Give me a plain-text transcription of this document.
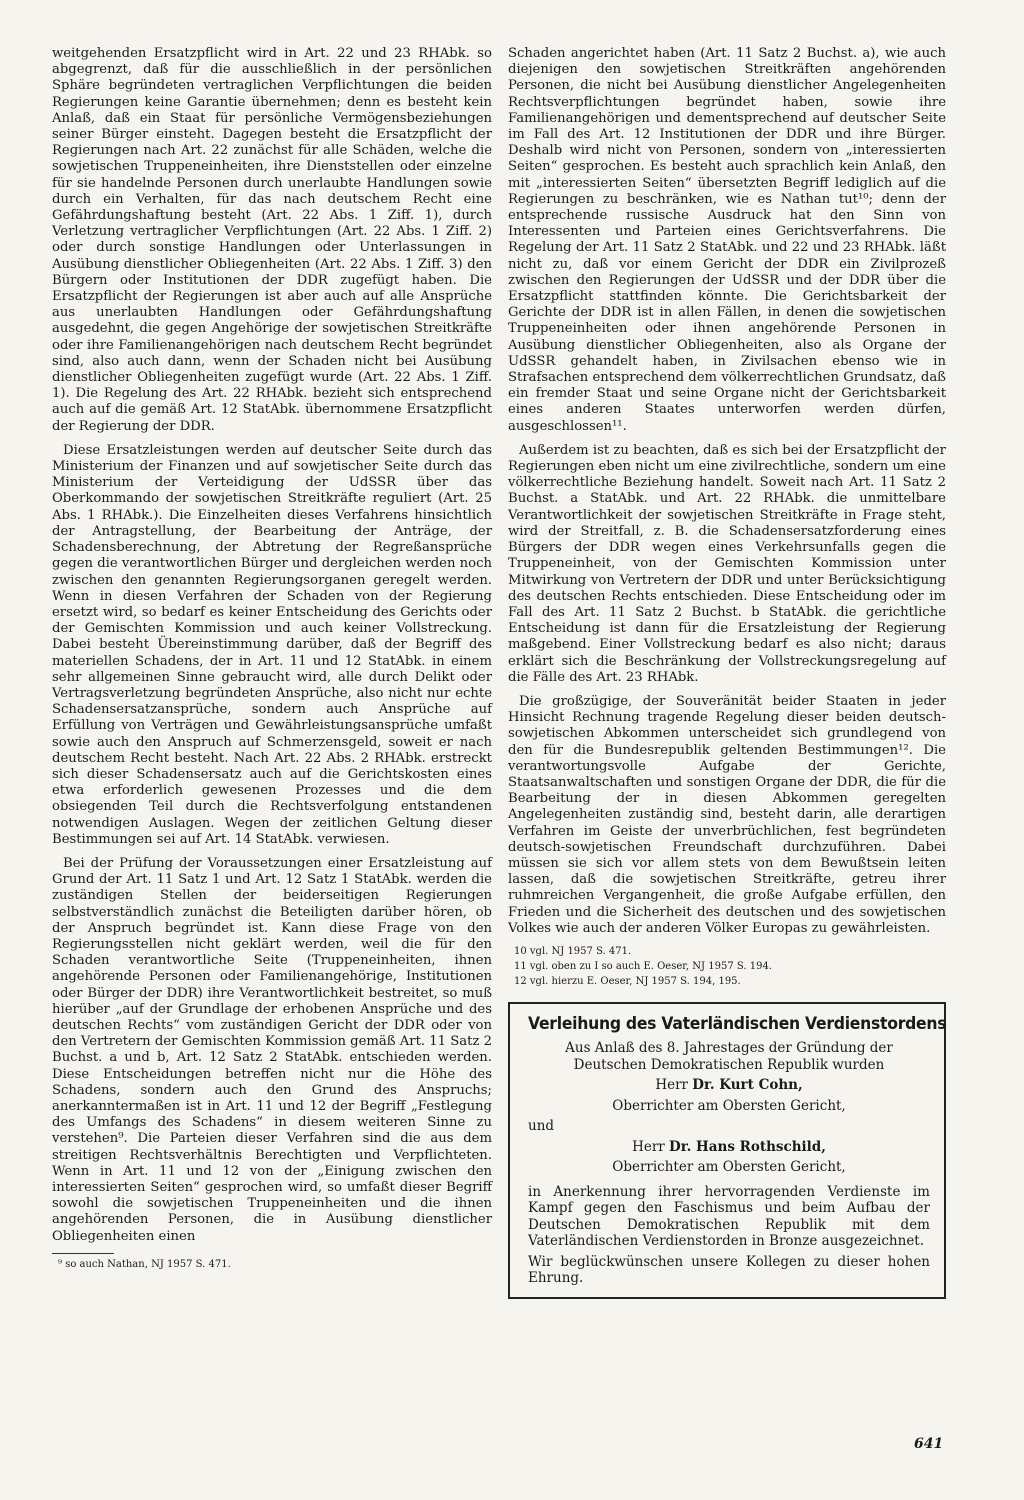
weitgehenden Ersatzpflicht wird in Art. 22 und 23 RHAbk. so abgegrenzt, daß für die ausschließlich in der persönlichen Sphäre begründeten vertraglichen Verpflichtungen die beiden Regierungen keine Garantie übernehmen; denn es besteht kein Anlaß, daß ein Staat für persönliche Vermögensbeziehungen seiner Bürger einsteht. Dagegen besteht die Ersatzpflicht der Regierungen nach Art. 22 zunächst für alle Schäden, welche die sowjetischen Truppeneinheiten, ihre Dienststellen oder einzelne für sie handelnde Personen durch unerlaubte Handlungen sowie durch ein Verhalten, für das nach deutschem Recht eine Gefährdungshaftung besteht (Art. 22 Abs. 1 Ziff. 1), durch Verletzung vertraglicher Verpflichtungen (Art. 22 Abs. 1 Ziff. 2) oder durch sonstige Handlungen oder Unterlassungen in Ausübung dienstlicher Obliegenheiten (Art. 22 Abs. 1 Ziff. 3) den Bürgern oder Institutionen der DDR zugefügt haben. Die Ersatzpflicht der Regierungen ist aber auch auf alle Ansprüche aus unerlaubten Handlungen oder Gefährdungshaftung ausgedehnt, die gegen Angehörige der sowjetischen Streitkräfte oder ihre Familienangehörigen nach deutschem Recht begründet sind, also auch dann, wenn der Schaden nicht bei Ausübung dienstlicher Obliegenheiten zugefügt wurde (Art. 22 Abs. 1 Ziff. 1). Die Regelung des Art. 22 RHAbk. bezieht sich entsprechend auch auf die gemäß Art. 12 StatAbk. übernommene Ersatzpflicht der Regierung der DDR.

Diese Ersatzleistungen werden auf deutscher Seite durch das Ministerium der Finanzen und auf sowjetischer Seite durch das Ministerium der Verteidigung der UdSSR über das Oberkommando der sowjetischen Streitkräfte reguliert (Art. 25 Abs. 1 RHAbk.). Die Einzelheiten dieses Verfahrens hinsichtlich der Antragstellung, der Bearbeitung der Anträge, der Schadensberechnung, der Abtretung der Regreßansprüche gegen die verantwortlichen Bürger und dergleichen werden noch zwischen den genannten Regierungsorganen geregelt werden. Wenn in diesen Verfahren der Schaden von der Regierung ersetzt wird, so bedarf es keiner Entscheidung des Gerichts oder der Gemischten Kommission und auch keiner Vollstreckung. Dabei besteht Übereinstimmung darüber, daß der Begriff des materiellen Schadens, der in Art. 11 und 12 StatAbk. in einem sehr allgemeinen Sinne gebraucht wird, alle durch Delikt oder Vertragsverletzung begründeten Ansprüche, also nicht nur echte Schadensersatzansprüche, sondern auch Ansprüche auf Erfüllung von Verträgen und Gewährleistungsansprüche umfaßt sowie auch den Anspruch auf Schmerzensgeld, soweit er nach deutschem Recht besteht. Nach Art. 22 Abs. 2 RHAbk. erstreckt sich dieser Schadensersatz auch auf die Gerichtskosten eines etwa erforderlich gewesenen Prozesses und die dem obsiegenden Teil durch die Rechtsverfolgung entstandenen notwendigen Auslagen. Wegen der zeitlichen Geltung dieser Bestimmungen sei auf Art. 14 StatAbk. verwiesen.

Bei der Prüfung der Voraussetzungen einer Ersatzleistung auf Grund der Art. 11 Satz 1 und Art. 12 Satz 1 StatAbk. werden die zuständigen Stellen der beiderseitigen Regierungen selbstverständlich zunächst die Beteiligten darüber hören, ob der Anspruch begründet ist. Kann diese Frage von den Regierungsstellen nicht geklärt werden, weil die für den Schaden verantwortliche Seite (Truppeneinheiten, ihnen angehörende Personen oder Familienangehörige, Institutionen oder Bürger der DDR) ihre Verantwortlichkeit bestreitet, so muß hierüber „auf der Grundlage der erhobenen Ansprüche und des deutschen Rechts“ vom zuständigen Gericht der DDR oder von den Vertretern der Gemischten Kommission gemäß Art. 11 Satz 2 Buchst. a und b, Art. 12 Satz 2 StatAbk. entschieden werden. Diese Entscheidungen betreffen nicht nur die Höhe des Schadens, sondern auch den Grund des Anspruchs; anerkanntermaßen ist in Art. 11 und 12 der Begriff „Festlegung des Umfangs des Schadens“ in diesem weiteren Sinne zu verstehen⁹. Die Parteien dieser Verfahren sind die aus dem streitigen Rechtsverhältnis Berechtigten und Verpflichteten. Wenn in Art. 11 und 12 von der „Einigung zwischen den interessierten Seiten“ gesprochen wird, so umfaßt dieser Begriff sowohl die sowjetischen Truppeneinheiten und die ihnen angehörenden Personen, die in Ausübung dienstlicher Obliegenheiten einen

⁹ so auch Nathan, NJ 1957 S. 471.

Schaden angerichtet haben (Art. 11 Satz 2 Buchst. a), wie auch diejenigen den sowjetischen Streitkräften angehörenden Personen, die nicht bei Ausübung dienstlicher Angelegenheiten Rechtsverpflichtungen begründet haben, sowie ihre Familienangehörigen und dementsprechend auf deutscher Seite im Fall des Art. 12 Institutionen der DDR und ihre Bürger. Deshalb wird nicht von Personen, sondern von „interessierten Seiten“ gesprochen. Es besteht auch sprachlich kein Anlaß, den mit „interessierten Seiten“ übersetzten Begriff lediglich auf die Regierungen zu beschränken, wie es Nathan tut¹⁰; denn der entsprechende russische Ausdruck hat den Sinn von Interessenten und Parteien eines Gerichtsverfahrens. Die Regelung der Art. 11 Satz 2 StatAbk. und 22 und 23 RHAbk. läßt nicht zu, daß vor einem Gericht der DDR ein Zivilprozeß zwischen den Regierungen der UdSSR und der DDR über die Ersatzpflicht stattfinden könnte. Die Gerichtsbarkeit der Gerichte der DDR ist in allen Fällen, in denen die sowjetischen Truppeneinheiten oder ihnen angehörende Personen in Ausübung dienstlicher Obliegenheiten, also als Organe der UdSSR gehandelt haben, in Zivilsachen ebenso wie in Strafsachen entsprechend dem völkerrechtlichen Grundsatz, daß ein fremder Staat und seine Organe nicht der Gerichtsbarkeit eines anderen Staates unterworfen werden dürfen, ausgeschlossen¹¹.

Außerdem ist zu beachten, daß es sich bei der Ersatzpflicht der Regierungen eben nicht um eine zivilrechtliche, sondern um eine völkerrechtliche Beziehung handelt. Soweit nach Art. 11 Satz 2 Buchst. a StatAbk. und Art. 22 RHAbk. die unmittelbare Verantwortlichkeit der sowjetischen Streitkräfte in Frage steht, wird der Streitfall, z. B. die Schadensersatzforderung eines Bürgers der DDR wegen eines Verkehrsunfalls gegen die Truppeneinheit, von der Gemischten Kommission unter Mitwirkung von Vertretern der DDR und unter Berücksichtigung des deutschen Rechts entschieden. Diese Entscheidung oder im Fall des Art. 11 Satz 2 Buchst. b StatAbk. die gerichtliche Entscheidung ist dann für die Ersatzleistung der Regierung maßgebend. Einer Vollstreckung bedarf es also nicht; daraus erklärt sich die Beschränkung der Vollstreckungsregelung auf die Fälle des Art. 23 RHAbk.

Die großzügige, der Souveränität beider Staaten in jeder Hinsicht Rechnung tragende Regelung dieser beiden deutsch-sowjetischen Abkommen unterscheidet sich grundlegend von den für die Bundesrepublik geltenden Bestimmungen¹². Die verantwortungsvolle Aufgabe der Gerichte, Staatsanwaltschaften und sonstigen Organe der DDR, die für die Bearbeitung der in diesen Abkommen geregelten Angelegenheiten zuständig sind, besteht darin, alle derartigen Verfahren im Geiste der unverbrüchlichen, fest begründeten deutsch-sowjetischen Freundschaft durchzuführen. Dabei müssen sie sich vor allem stets von dem Bewußtsein leiten lassen, daß die sowjetischen Streitkräfte, getreu ihrer ruhmreichen Vergangenheit, die große Aufgabe erfüllen, den Frieden und die Sicherheit des deutschen und des sowjetischen Volkes wie auch der anderen Völker Europas zu gewährleisten.

10 vgl. NJ 1957 S. 471.
11 vgl. oben zu I so auch E. Oeser, NJ 1957 S. 194.
12 vgl. hierzu E. Oeser, NJ 1957 S. 194, 195.
Verleihung des Vaterländischen Verdienstordens
Aus Anlaß des 8. Jahrestages der Gründung der Deutschen Demokratischen Republik wurden
Herr Dr. Kurt Cohn,
Oberrichter am Obersten Gericht,
und
Herr Dr. Hans Rothschild,
Oberrichter am Obersten Gericht,
in Anerkennung ihrer hervorragenden Verdienste im Kampf gegen den Faschismus und beim Aufbau der Deutschen Demokratischen Republik mit dem Vaterländischen Verdienstorden in Bronze ausgezeichnet.
Wir beglückwünschen unsere Kollegen zu dieser hohen Ehrung.
641
